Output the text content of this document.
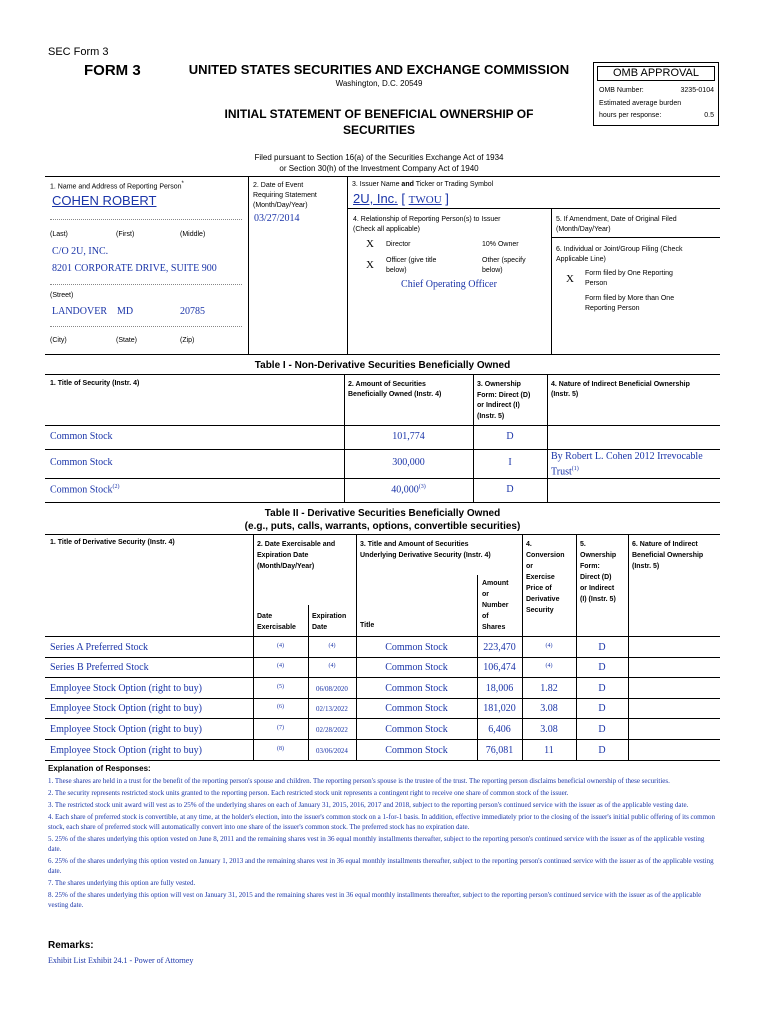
SEC Form 3
FORM 3	UNITED STATES SECURITIES AND EXCHANGE COMMISSION
Washington, D.C. 20549
INITIAL STATEMENT OF BENEFICIAL OWNERSHIP OF
SECURITIES
Filed pursuant to Section 16(a) of the Securities Exchange Act of 1934
or Section 30(h) of the Investment Company Act of 1940
OMB APPROVAL
OMB Number:	3235-0104
Estimated average burden
hours per response:	0.5
1. Name and Address of Reporting Person*
COHEN ROBERT
(Last)	(First)	(Middle)
C/O 2U, INC.
8201 CORPORATE DRIVE, SUITE 900
(Street)
LANDOVER MD	20785
(City)	(State)	(Zip)
2. Date of Event
Requiring Statement
(Month/Day/Year)
03/27/2014
3. Issuer Name and Ticker or Trading Symbol
2U, Inc. [ TWOU ]
4. Relationship of Reporting Person(s) to Issuer
(Check all applicable)
X Director	10% Owner
X Officer (give title
below)
Other (specify
below)
Chief Operating Officer
5. If Amendment, Date of Original Filed
(Month/Day/Year)
6. Individual or Joint/Group Filing (Check
Applicable Line)
X Form filed by One Reporting
Person
Form filed by More than One
Reporting Person
Table I - Non-Derivative Securities Beneficially Owned
1. Title of Security (Instr. 4)	2. Amount of Securities
Beneficially Owned (Instr. 4)
3. Ownership
Form: Direct (D)
or Indirect (I)
(Instr. 5)
4. Nature of Indirect Beneficial Ownership
(Instr. 5)
Common Stock	101,774	D
Common Stock	300,000	I
By Robert L. Cohen 2012 Irrevocable
Trust$^{(1)}$
Common Stock$^{(2)}$	40,000$^{(3)}$	D
Table II - Derivative Securities Beneficially Owned
(e.g., puts, calls, warrants, options, convertible securities)
1. Title of Derivative Security (Instr. 4)	2. Date Exercisable and
Expiration Date
(Month/Day/Year)
Date
Exercisable
Expiration
Date
3. Title and Amount of Securities
Underlying Derivative Security (Instr. 4)
Title
Amount
or
Number
of
Shares
4.
Conversion
or
Exercise
Price of
Derivative
Security
5.
Ownership
Form:
Direct (D)
or Indirect
(I) (Instr. 5)
6. Nature of Indirect
Beneficial Ownership
(Instr. 5)
Series A Preferred Stock	(4)	(4)	Common Stock	223,470	(4)	D
Series B Preferred Stock	(4)	(4)	Common Stock	106,474	(4)	D
Employee Stock Option (right to buy)	(5)	06/08/2020	Common Stock	18,006	1.82	D
Employee Stock Option (right to buy)	(6)	02/13/2022	Common Stock	181,020	3.08	D
Employee Stock Option (right to buy)	(7)	02/28/2022	Common Stock	6,406	3.08	D
Employee Stock Option (right to buy)	(8)	03/06/2024	Common Stock	76,081	11	D
Explanation of Responses:
1. These shares are held in a trust for the benefit of the reporting person's spouse and children. The reporting person's spouse is the trustee of the trust. The reporting person disclaims beneficial ownership of these securities.
2. The security represents restricted stock units granted to the reporting person. Each restricted stock unit represents a contingent right to receive one share of common stock of the issuer.
3. The restricted stock unit award will vest as to 25% of the underlying shares on each of January 31, 2015, 2016, 2017 and 2018, subject to the reporting person's continued service with the issuer as of the applicable vesting date.
4. Each share of preferred stock is convertible, at any time, at the holder's election, into the issuer's common stock on a 1-for-1 basis. In addition, effective immediately prior to the closing of the issuer's initial public offering of its common stock, each share of preferred stock will automatically convert into one share of the issuer's common stock. The preferred stock has no expiration date.
5. 25% of the shares underlying this option vested on June 8, 2011 and the remaining shares vest in 36 equal monthly installments thereafter, subject to the reporting person's continued service with the issuer as of the applicable vesting date.
6. 25% of the shares underlying this option vested on January 1, 2013 and the remaining shares vest in 36 equal monthly installments thereafter, subject to the reporting person's continued service with the issuer as of the applicable vesting date.
7. The shares underlying this option are fully vested.
8. 25% of the shares underlying this option will vest on January 31, 2015 and the remaining shares vest in 36 equal monthly installments thereafter, subject to the reporting person's continued service with the issuer as of the applicable vesting date.
Remarks:
Exhibit List Exhibit 24.1 - Power of Attorney
